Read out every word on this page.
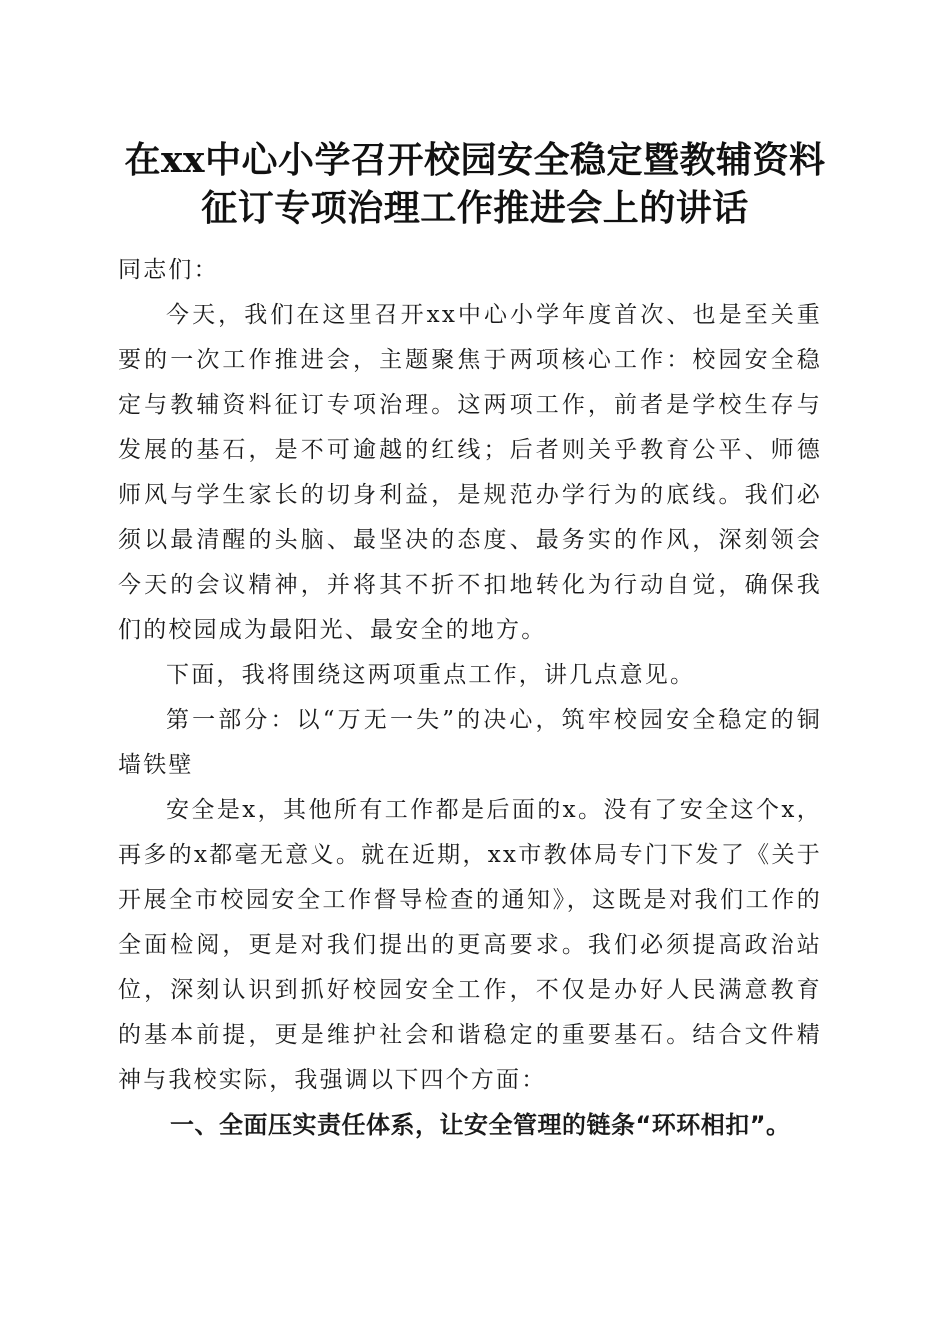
在xx中心小学召开校园安全稳定暨教辅资料
征订专项治理工作推进会上的讲话

同志们：

今天，我们在这里召开xx中心小学年度首次、也是至关重要的一次工作推进会，主题聚焦于两项核心工作：校园安全稳定与教辅资料征订专项治理。这两项工作，前者是学校生存与发展的基石，是不可逾越的红线；后者则关乎教育公平、师德师风与学生家长的切身利益，是规范办学行为的底线。我们必须以最清醒的头脑、最坚决的态度、最务实的作风，深刻领会今天的会议精神，并将其不折不扣地转化为行动自觉，确保我们的校园成为最阳光、最安全的地方。

下面，我将围绕这两项重点工作，讲几点意见。

第一部分：以“万无一失”的决心，筑牢校园安全稳定的铜墙铁壁

安全是x，其他所有工作都是后面的x。没有了安全这个x，再多的x都毫无意义。就在近期，xx市教体局专门下发了《关于开展全市校园安全工作督导检查的通知》，这既是对我们工作的全面检阅，更是对我们提出的更高要求。我们必须提高政治站位，深刻认识到抓好校园安全工作，不仅是办好人民满意教育的基本前提，更是维护社会和谐稳定的重要基石。结合文件精神与我校实际，我强调以下四个方面：

一、全面压实责任体系，让安全管理的链条“环环相扣”。
